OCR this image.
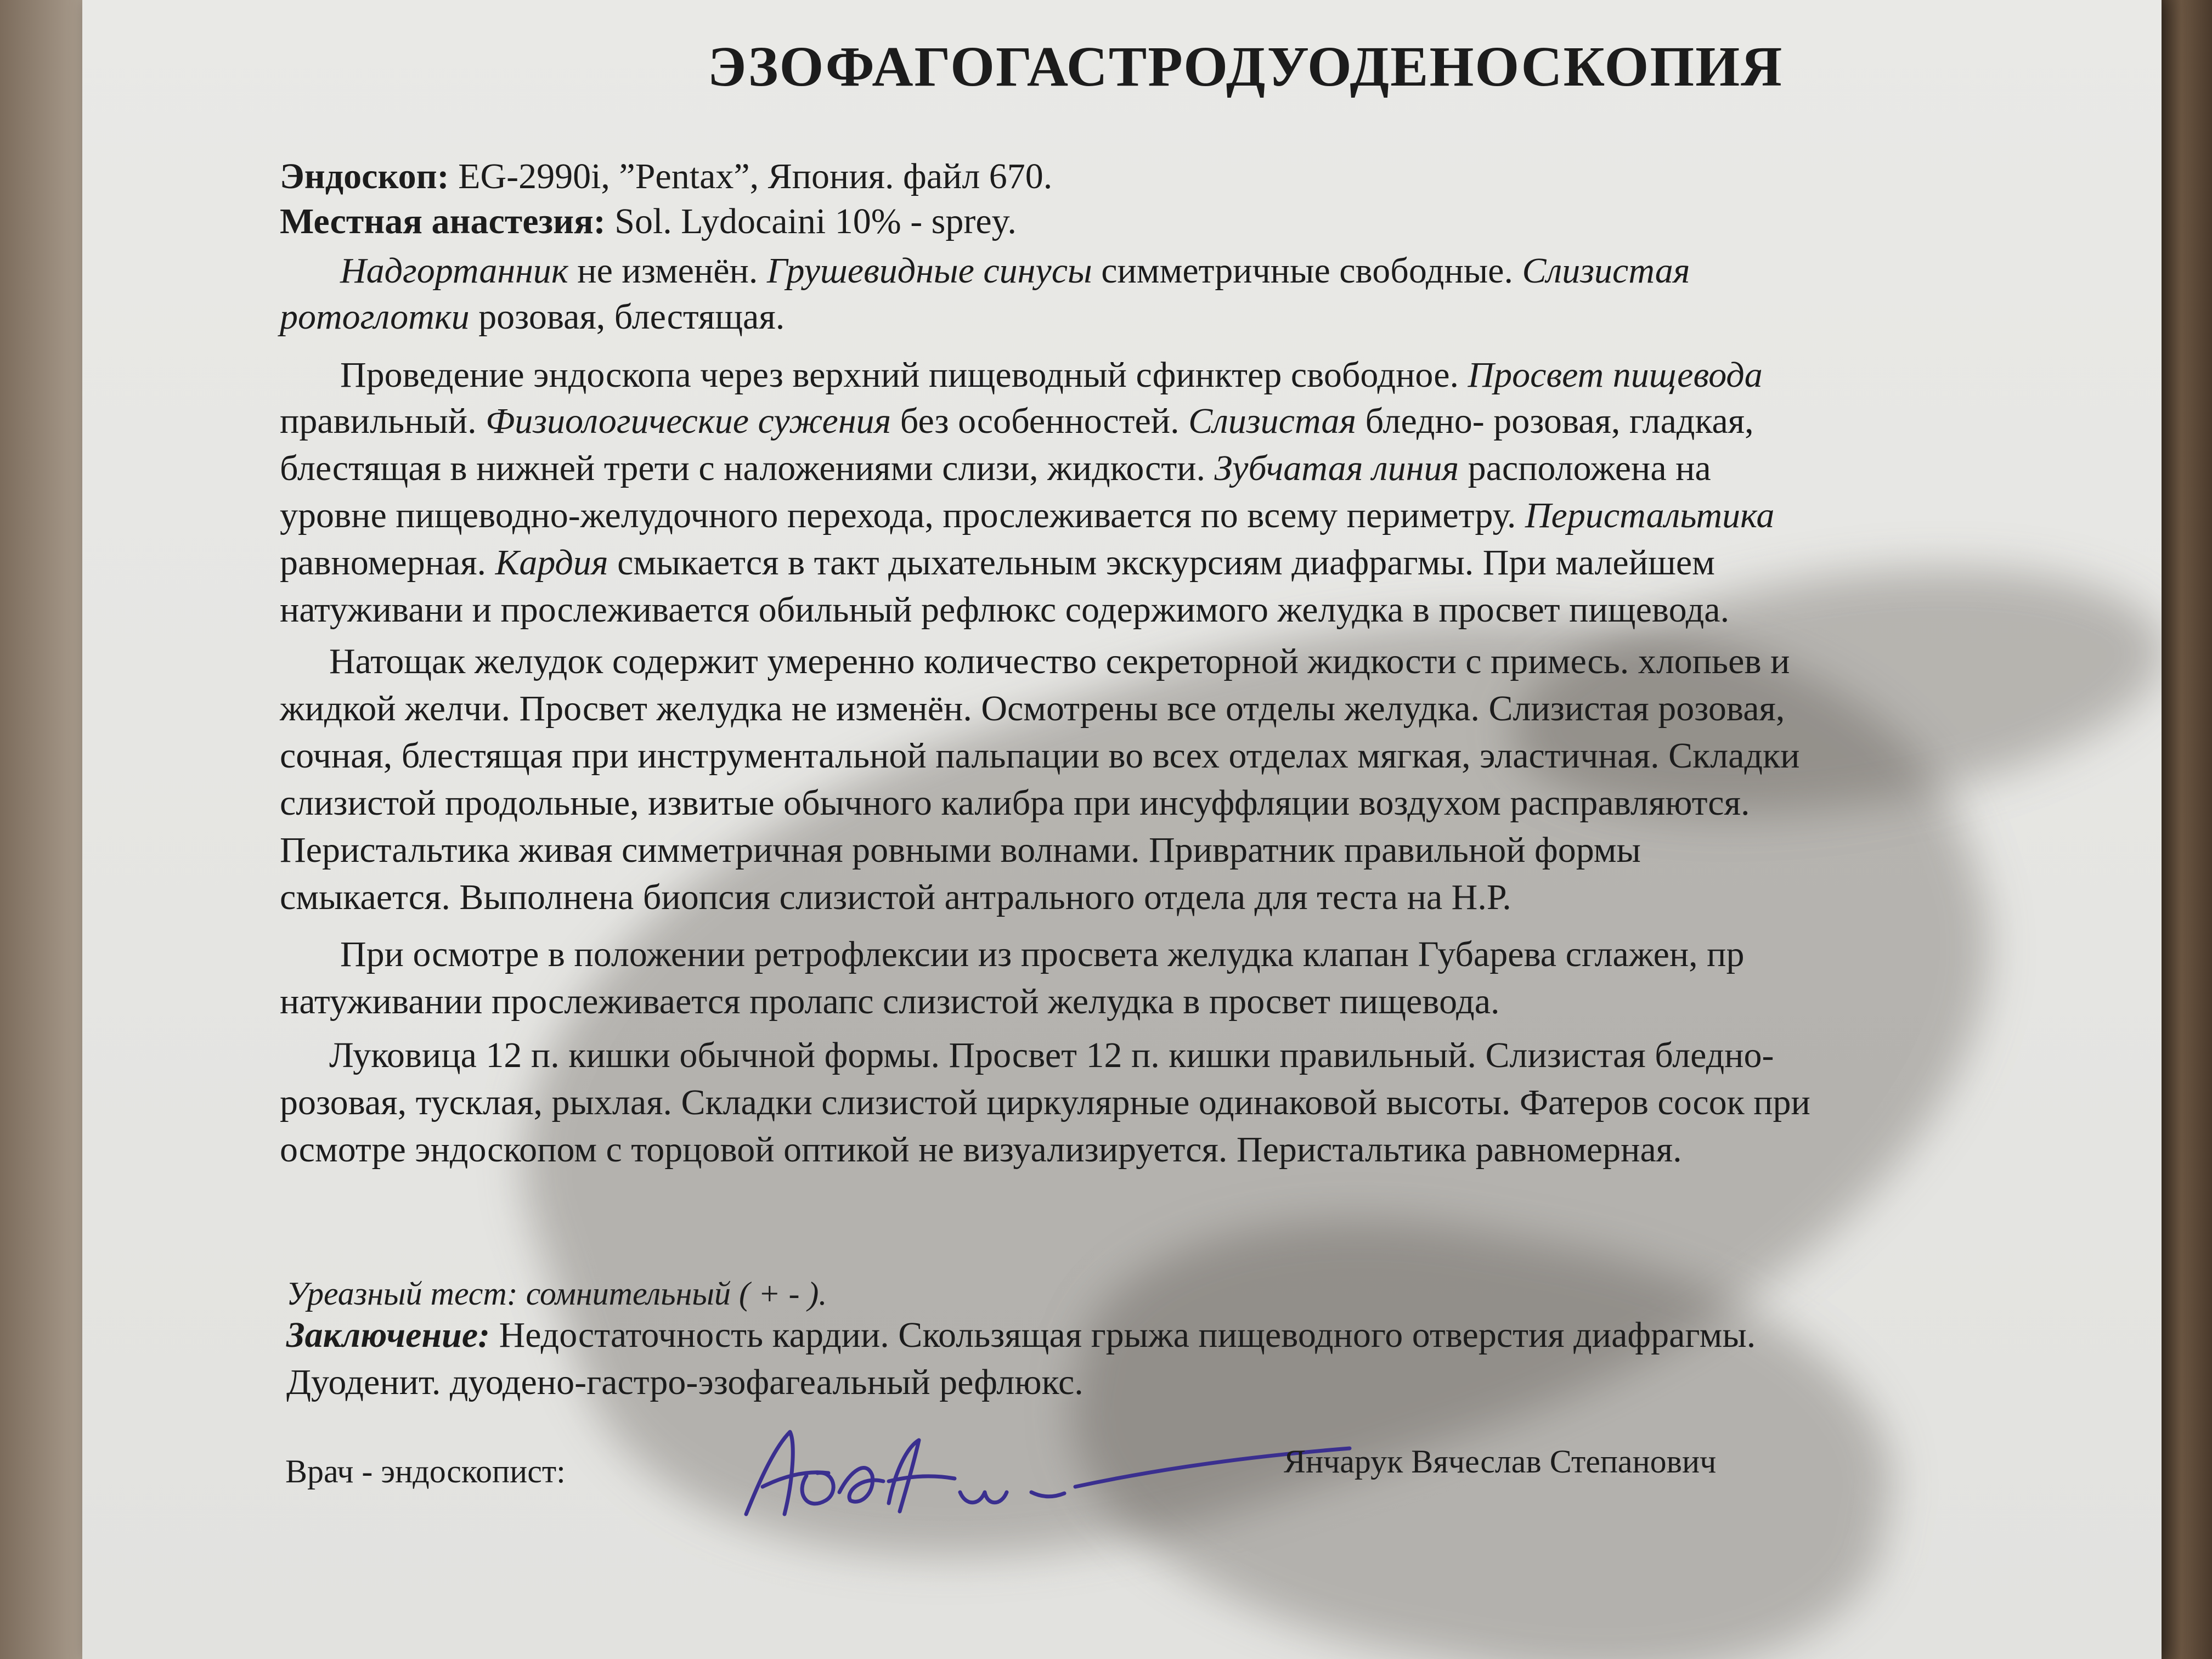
ЭЗОФАГОГАСТРОДУОДЕНОСКОПИЯ
Эндоскоп: EG-2990i, ”Pentax”, Япония. файл 670.
Местная анастезия: Sol. Lydocaini 10% - sprey.
Надгортанник не изменён. Грушевидные синусы симметричные свободные. Слизистая
ротоглотки розовая, блестящая.
Проведение эндоскопа через верхний пищеводный сфинктер свободное. Просвет пищевода
правильный. Физиологические сужения без особенностей. Слизистая бледно- розовая, гладкая,
блестящая в нижней трети с наложениями слизи, жидкости. Зубчатая линия расположена на
уровне пищеводно-желудочного перехода, прослеживается по всему периметру. Перистальтика
равномерная. Кардия смыкается в такт дыхательным экскурсиям диафрагмы. При малейшем
натуживани и прослеживается обильный рефлюкс содержимого желудка в просвет пищевода.
Натощак желудок содержит умеренно количество секреторной жидкости с примесь. хлопьев и
жидкой желчи. Просвет желудка не изменён. Осмотрены все отделы желудка. Слизистая розовая,
сочная, блестящая при инструментальной пальпации во всех отделах мягкая, эластичная. Складки
слизистой продольные, извитые обычного калибра при инсуффляции воздухом расправляются.
Перистальтика живая симметричная ровными волнами. Привратник правильной формы
смыкается. Выполнена биопсия слизистой антрального отдела для теста на Н.Р.
При осмотре в положении ретрофлексии из просвета желудка клапан Губарева сглажен, пр
натуживании прослеживается пролапс слизистой желудка в просвет пищевода.
Луковица 12 п. кишки обычной формы. Просвет 12 п. кишки правильный. Слизистая бледно-
розовая, тусклая, рыхлая. Складки слизистой циркулярные одинаковой высоты. Фатеров сосок при
осмотре эндоскопом с торцовой оптикой не визуализируется. Перистальтика равномерная.
Уреазный тест: сомнительный ( + - ).
Заключение: Недостаточность кардии. Скользящая грыжа пищеводного отверстия диафрагмы.
Дуоденит. дуодено-гастро-эзофагеальный рефлюкс.
Врач - эндоскопист:	Янчарук Вячеслав Степанович
